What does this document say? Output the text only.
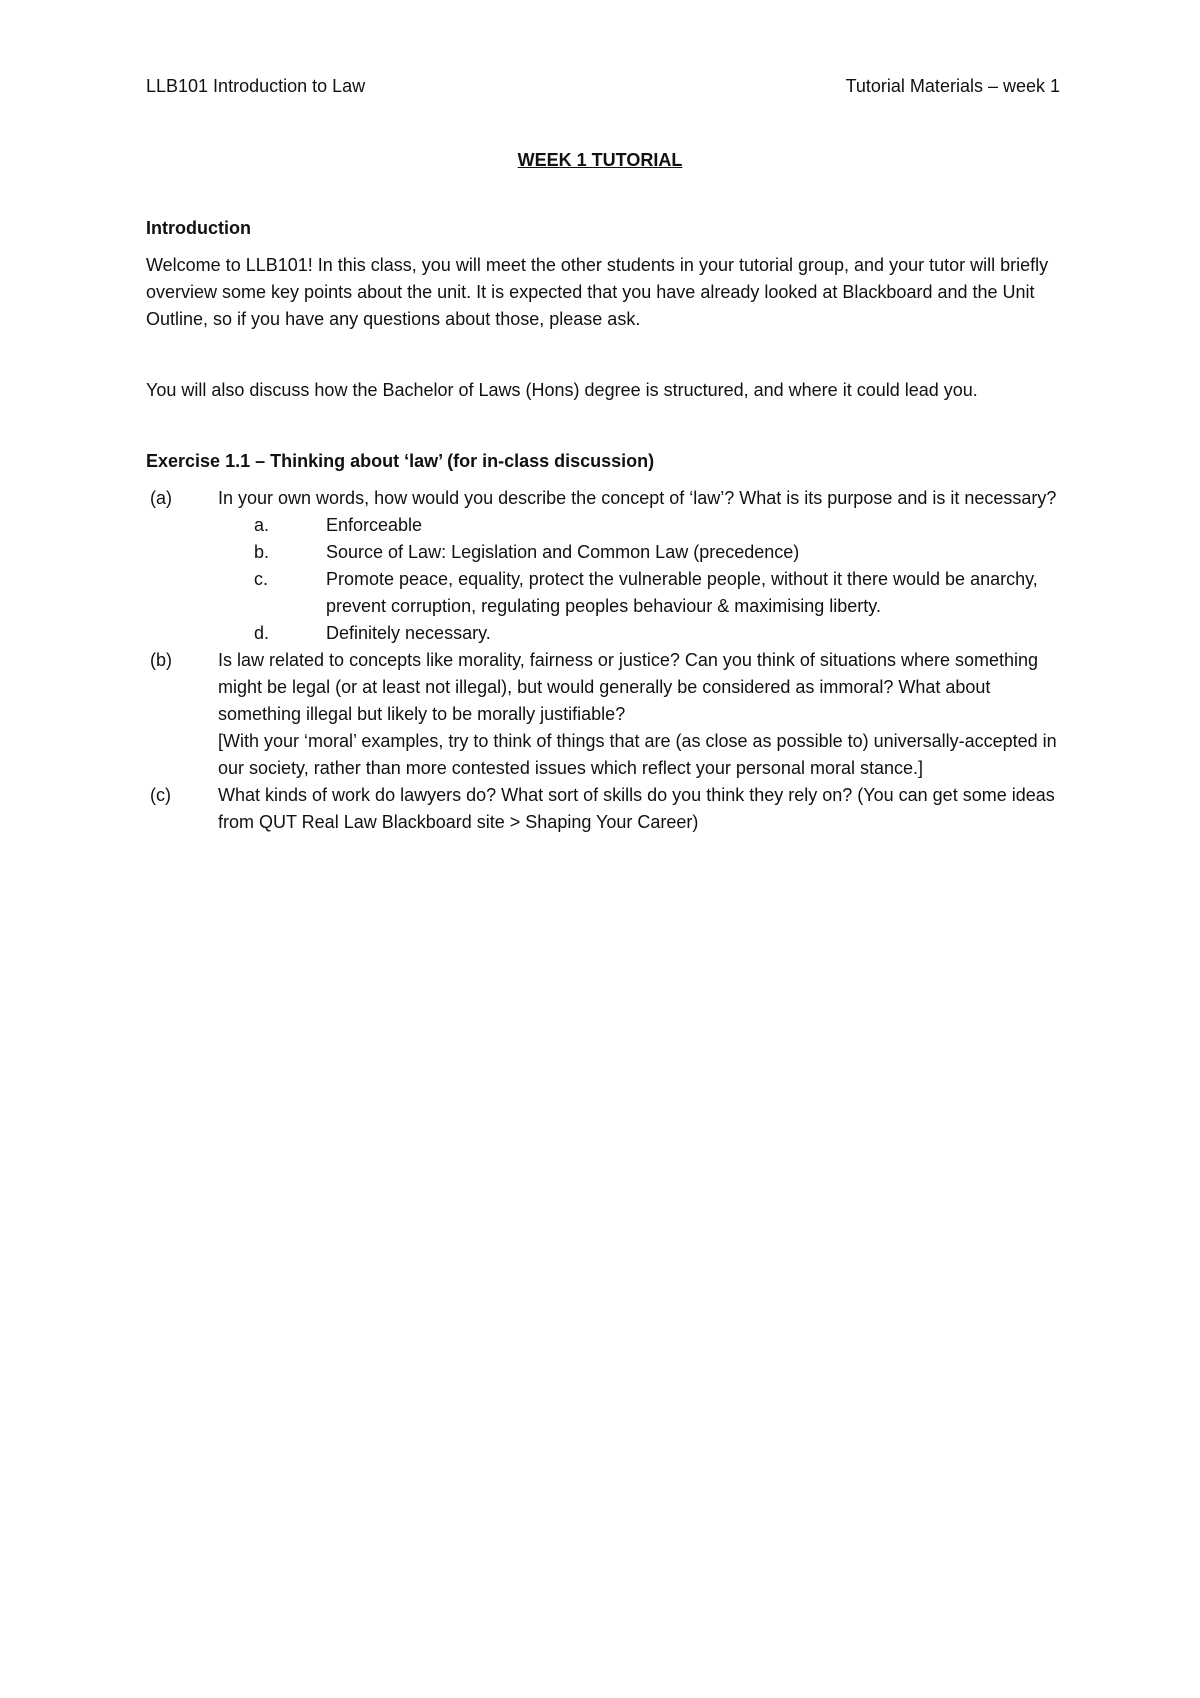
LLB101 Introduction to Law	Tutorial Materials – week 1
WEEK 1 TUTORIAL

Introduction

Welcome to LLB101! In this class, you will meet the other students in your tutorial group, and your tutor will briefly overview some key points about the unit. It is expected that you have already looked at Blackboard and the Unit Outline, so if you have any questions about those, please ask.

You will also discuss how the Bachelor of Laws (Hons) degree is structured, and where it could lead you.

Exercise 1.1 – Thinking about ‘law’ (for in-class discussion)

(a)	In your own words, how would you describe the concept of ‘law’? What is its purpose and is it necessary?
a.	Enforceable
b.	Source of Law: Legislation and Common Law (precedence)
c.	Promote peace, equality, protect the vulnerable people, without it there would be anarchy, prevent corruption, regulating peoples behaviour & maximising liberty.
d.	Definitely necessary.
(b)	Is law related to concepts like morality, fairness or justice? Can you think of situations where something might be legal (or at least not illegal), but would generally be considered as immoral? What about something illegal but likely to be morally justifiable?
[With your ‘moral’ examples, try to think of things that are (as close as possible to) universally-accepted in our society, rather than more contested issues which reflect your personal moral stance.]
(c)	What kinds of work do lawyers do? What sort of skills do you think they rely on? (You can get some ideas from QUT Real Law Blackboard site > Shaping Your Career)
